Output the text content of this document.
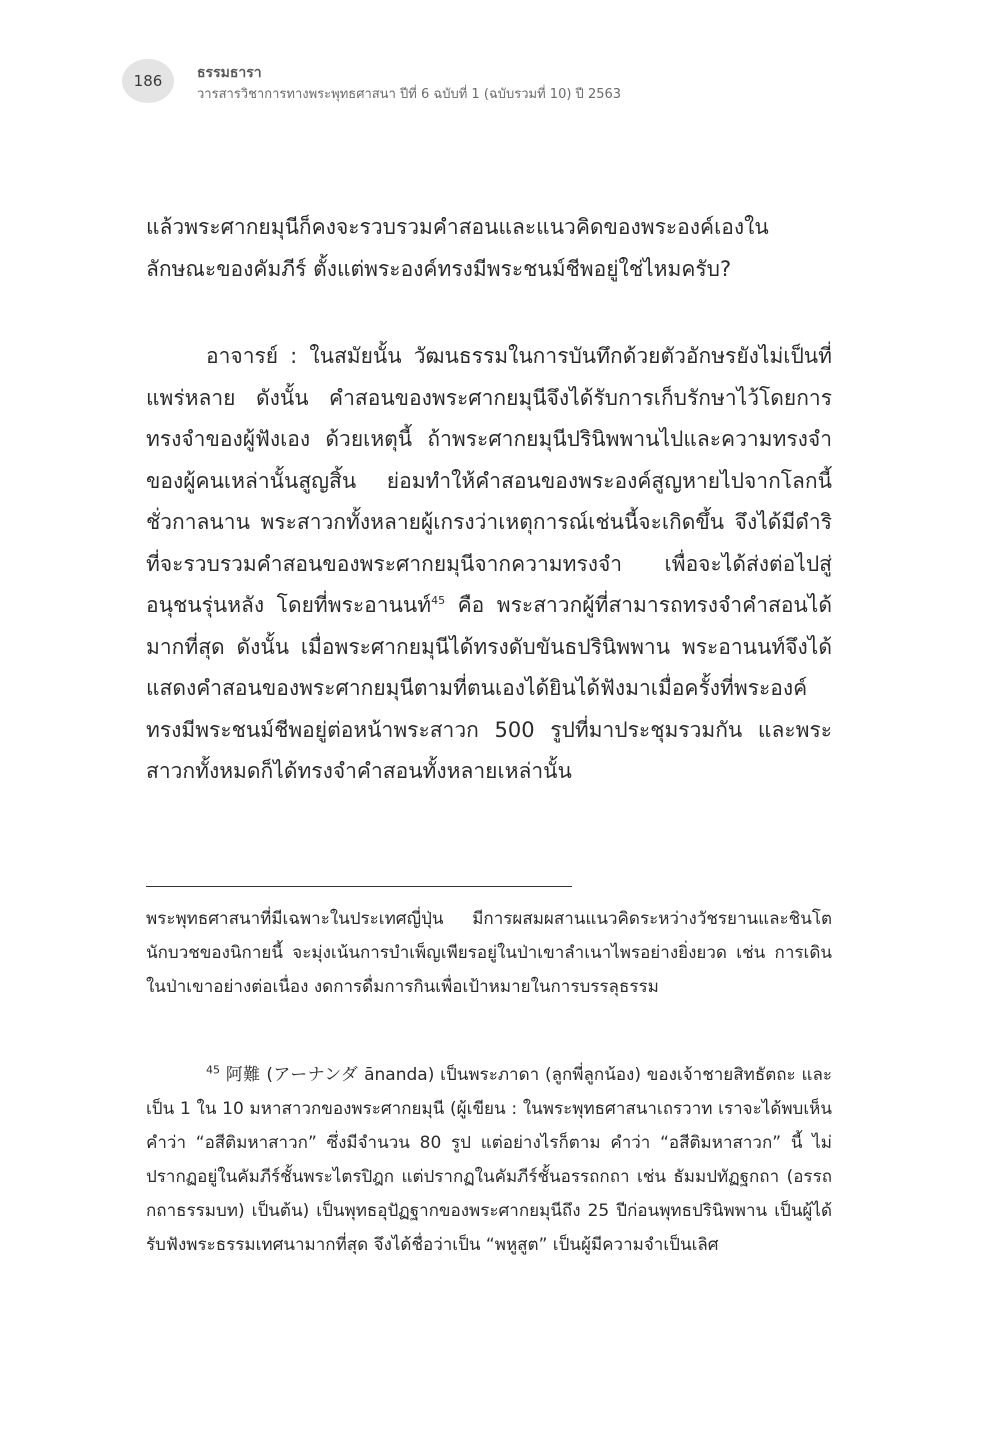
186 ธรรมธารา
วารสารวิชาการทางพระพุทธศาสนา ปีที่ 6 ฉบับที่ 1 (ฉบับรวมที่ 10) ปี 2563

แล้วพระศากยมุนีก็คงจะรวบรวมคำสอนและแนวคิดของพระองค์เองในลักษณะของคัมภีร์ ตั้งแต่พระองค์ทรงมีพระชนม์ชีพอยู่ใช่ไหมครับ?

อาจารย์ : ในสมัยนั้น วัฒนธรรมในการบันทึกด้วยตัวอักษรยังไม่เป็นที่แพร่หลาย ดังนั้น คำสอนของพระศากยมุนีจึงได้รับการเก็บรักษาไว้โดยการทรงจำของผู้ฟังเอง ด้วยเหตุนี้ ถ้าพระศากยมุนีปรินิพพานไปและความทรงจำของผู้คนเหล่านั้นสูญสิ้น ย่อมทำให้คำสอนของพระองค์สูญหายไปจากโลกนี้ชั่วกาลนาน พระสาวกทั้งหลายผู้เกรงว่าเหตุการณ์เช่นนี้จะเกิดขึ้น จึงได้มีดำริที่จะรวบรวมคำสอนของพระศากยมุนีจากความทรงจำ เพื่อจะได้ส่งต่อไปสู่อนุชนรุ่นหลัง โดยที่พระอานนท์$^{45}$ คือ พระสาวกผู้ที่สามารถทรงจำคำสอนได้มากที่สุด ดังนั้น เมื่อพระศากยมุนีได้ทรงดับขันธปรินิพพาน พระอานนท์จึงได้แสดงคำสอนของพระศากยมุนีตามที่ตนเองได้ยินได้ฟังมาเมื่อครั้งที่พระองค์ทรงมีพระชนม์ชีพอยู่ต่อหน้าพระสาวก 500 รูปที่มาประชุมรวมกัน และพระสาวกทั้งหมดก็ได้ทรงจำคำสอนทั้งหลายเหล่านั้น

พระพุทธศาสนาที่มีเฉพาะในประเทศญี่ปุ่น มีการผสมผสานแนวคิดระหว่างวัชรยานและชินโต นักบวชของนิกายนี้ จะมุ่งเน้นการบำเพ็ญเพียรอยู่ในป่าเขาลำเนาไพรอย่างยิ่งยวด เช่น การเดินในป่าเขาอย่างต่อเนื่อง งดการดื่มการกินเพื่อเป้าหมายในการบรรลุธรรม

$^{45}$ 阿難 (アーナンダ ānanda) เป็นพระภาดา (ลูกพี่ลูกน้อง) ของเจ้าชายสิทธัตถะ และเป็น 1 ใน 10 มหาสาวกของพระศากยมุนี (ผู้เขียน : ในพระพุทธศาสนาเถรวาท เราจะได้พบเห็นคำว่า “อสีติมหาสาวก” ซึ่งมีจำนวน 80 รูป แต่อย่างไรก็ตาม คำว่า “อสีติมหาสาวก” นี้ ไม่ปรากฏอยู่ในคัมภีร์ชั้นพระไตรปิฎก แต่ปรากฏในคัมภีร์ชั้นอรรถกถา เช่น ธัมมปทัฏฐกถา (อรรถกถาธรรมบท) เป็นต้น) เป็นพุทธอุปัฏฐากของพระศากยมุนีถึง 25 ปีก่อนพุทธปรินิพพาน เป็นผู้ได้รับฟังพระธรรมเทศนามากที่สุด จึงได้ชื่อว่าเป็น “พหูสูต” เป็นผู้มีความจำเป็นเลิศ
